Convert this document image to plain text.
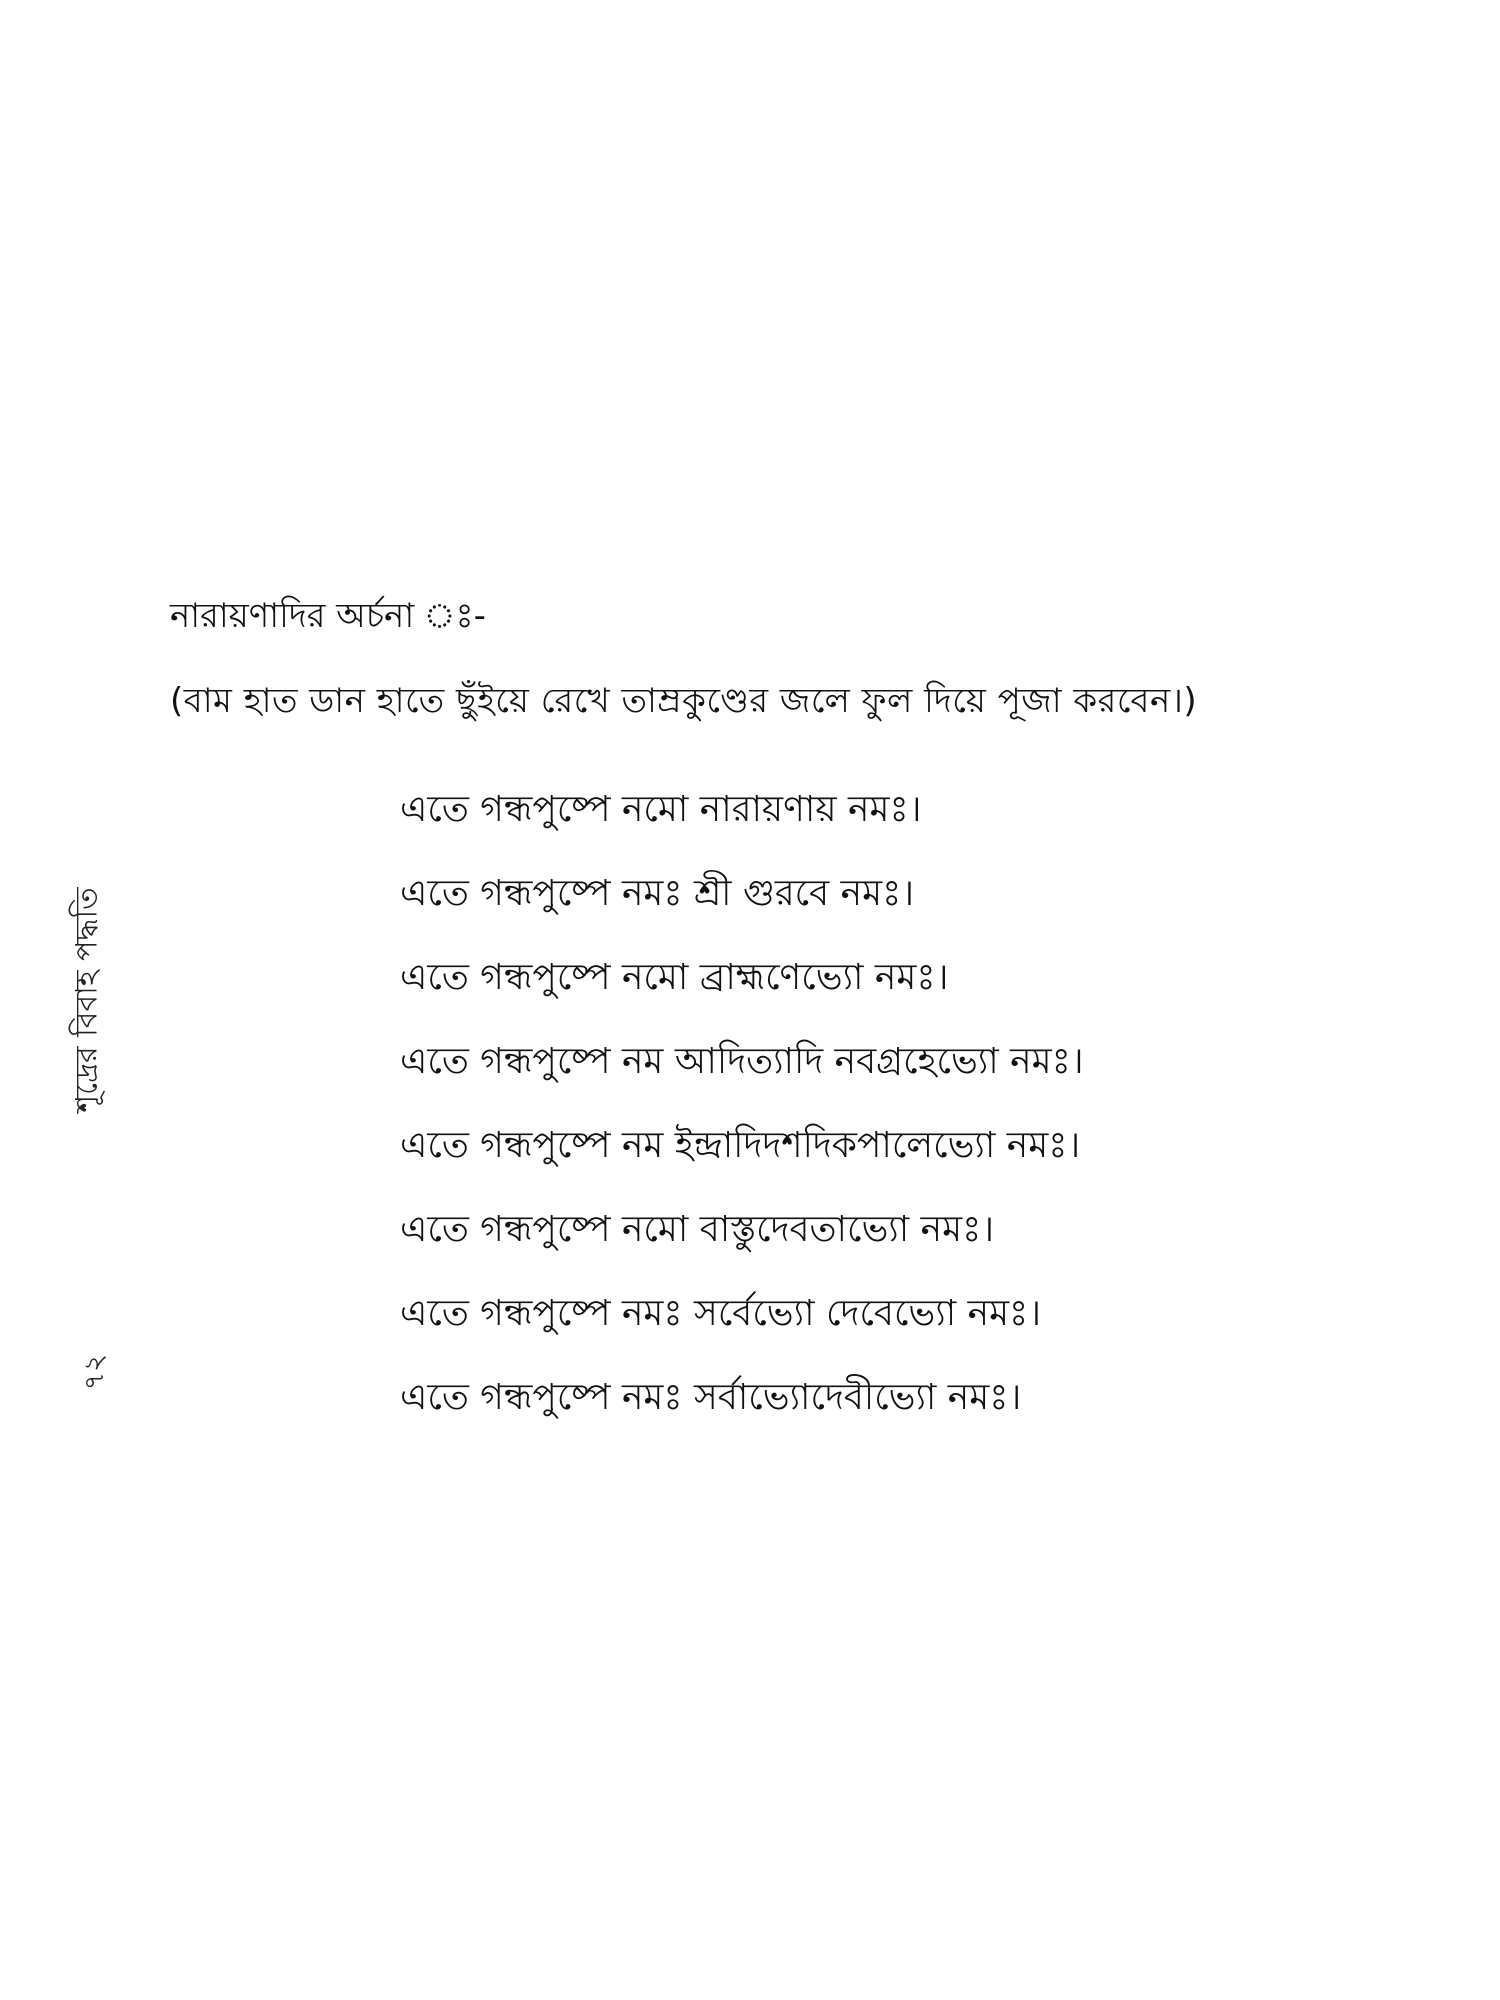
শূদ্রের বিবাহ পদ্ধতি
৭২
নারায়ণাদির অর্চনা ঃ-
(বাম হাত ডান হাতে ছুঁইয়ে রেখে তাম্রকুণ্ডের জলে ফুল দিয়ে পূজা করবেন।)
এতে গন্ধপুষ্পে নমো নারায়ণায় নমঃ।
এতে গন্ধপুষ্পে নমঃ শ্রী গুরবে নমঃ।
এতে গন্ধপুষ্পে নমো ব্রাহ্মণেভ্যো নমঃ।
এতে গন্ধপুষ্পে নম আদিত্যাদি নবগ্রহেভ্যো নমঃ।
এতে গন্ধপুষ্পে নম ইন্দ্রাদিদশদিকপালেভ্যো নমঃ।
এতে গন্ধপুষ্পে নমো বাস্তুদেবতাভ্যো নমঃ।
এতে গন্ধপুষ্পে নমঃ সর্বেভ্যো দেবেভ্যো নমঃ।
এতে গন্ধপুষ্পে নমঃ সর্বাভ্যোদেবীভ্যো নমঃ।
